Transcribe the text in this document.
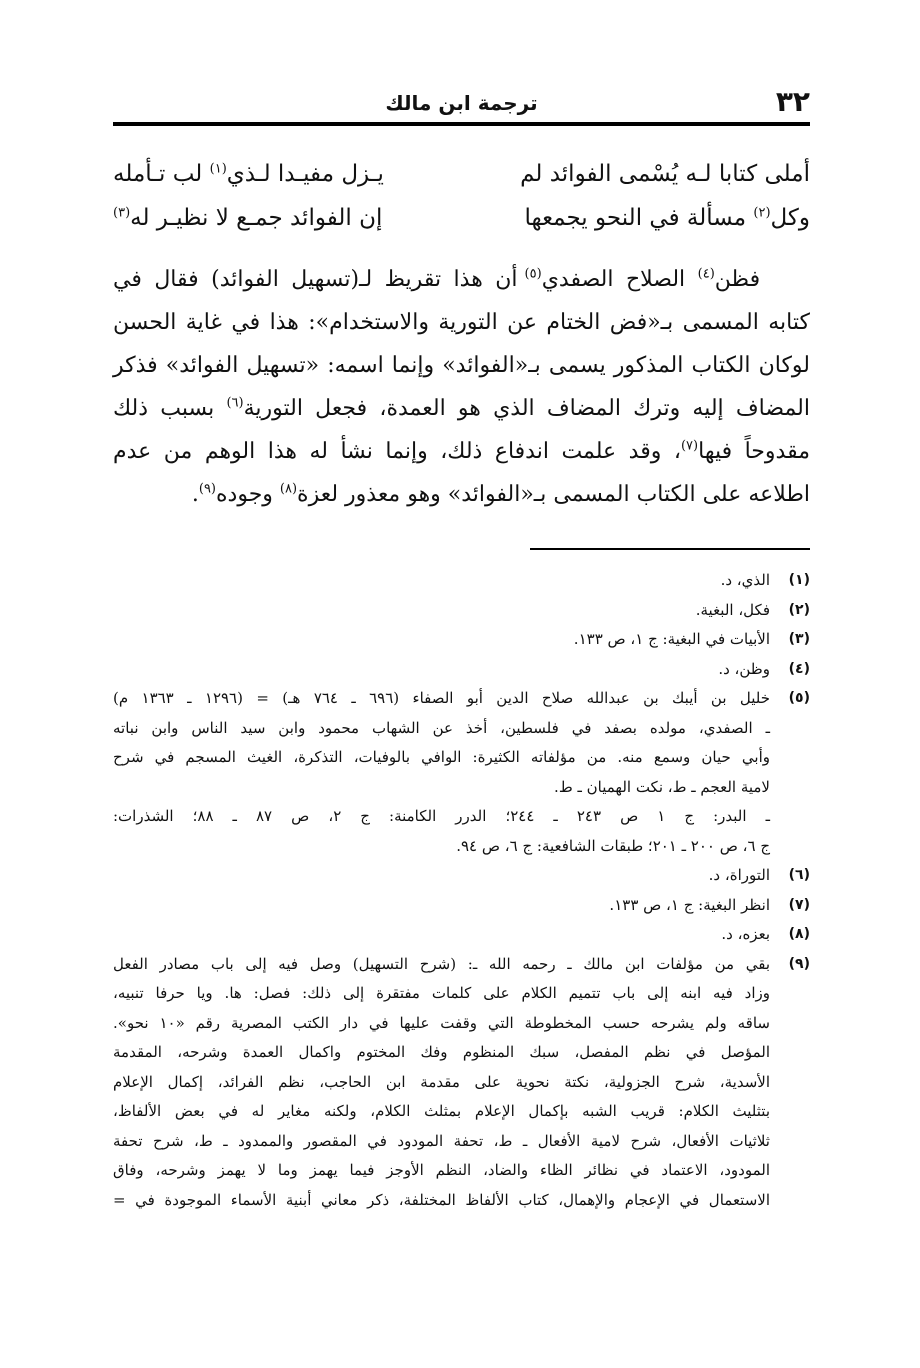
٣٢
ترجمة ابن مالك
أملى كتابا لـه يُسْمى الفوائد لم
يـزل مفيـدا لـذي$^{(١)}$ لب تـأمله
وكل$^{(٢)}$ مسألة في النحو يجمعها
إن الفوائد جمـع لا نظيـر له$^{(٣)}$
فظن$^{(٤)}$ الصلاح الصفدي$^{(٥)}$ أن هذا تقريظ لـ(تسهيل الفوائد) فقال في
كتابه المسمى بـ«فض الختام عن التورية والاستخدام»: هذا في غاية الحسن
لوكان الكتاب المذكور يسمى بـ«الفوائد» وإنما اسمه: «تسهيل الفوائد» فذكر
المضاف إليه وترك المضاف الذي هو العمدة، فجعل التورية$^{(٦)}$ بسبب ذلك
مقدوحاً فيها$^{(٧)}$، وقد علمت اندفاع ذلك، وإنما نشأ له هذا الوهم من عدم
اطلاعه على الكتاب المسمى بـ«الفوائد» وهو معذور لعزة$^{(٨)}$ وجوده$^{(٩)}$.
(١)
الذي، د.
(٢)
فكل، البغية.
(٣)
الأبيات في البغية: ج ١، ص ١٣٣.
(٤)
وظن، د.
(٥)
خليل بن أيبك بن عبدالله صلاح الدين أبو الصفاء (٦٩٦ ـ ٧٦٤ هـ) = (١٢٩٦ ـ ١٣٦٣ م)
ـ الصفدي، مولده بصفد في فلسطين، أخذ عن الشهاب محمود وابن سيد الناس وابن نباته
وأبي حيان وسمع منه. من مؤلفاته الكثيرة: الوافي بالوفيات، التذكرة، الغيث المسجم في شرح
لامية العجم ـ ط، نكت الهميان ـ ط.
ـ البدر: ج ١ ص ٢٤٣ ـ ٢٤٤؛ الدرر الكامنة: ج ٢، ص ٨٧ ـ ٨٨؛ الشذرات:
ج ٦، ص ٢٠٠ ـ ٢٠١؛ طبقات الشافعية: ج ٦، ص ٩٤.
(٦)
التوراة، د.
(٧)
انظر البغية: ج ١، ص ١٣٣.
(٨)
بعزه، د.
(٩)
بقي من مؤلفات ابن مالك ـ رحمه الله ـ: (شرح التسهيل) وصل فيه إلى باب مصادر الفعل
وزاد فيه ابنه إلى باب تتميم الكلام على كلمات مفتقرة إلى ذلك: فصل: ها. ويا حرفا تنبيه،
ساقه ولم يشرحه حسب المخطوطة التي وقفت عليها في دار الكتب المصرية رقم «١٠ نحو».
المؤصل في نظم المفصل، سبك المنظوم وفك المختوم واكمال العمدة وشرحه، المقدمة
الأسدية، شرح الجزولية، نكتة نحوية على مقدمة ابن الحاجب، نظم الفرائد، إكمال الإعلام
بتثليث الكلام: قريب الشبه بإكمال الإعلام بمثلث الكلام، ولكنه مغاير له في بعض الألفاظ،
ثلاثيات الأفعال، شرح لامية الأفعال ـ ط، تحفة المودود في المقصور والممدود ـ ط، شرح تحفة
المودود، الاعتماد في نظائر الظاء والضاد، النظم الأوجز فيما يهمز وما لا يهمز وشرحه، وفاق
الاستعمال في الإعجام والإهمال، كتاب الألفاظ المختلفة، ذكر معاني أبنية الأسماء الموجودة في =
